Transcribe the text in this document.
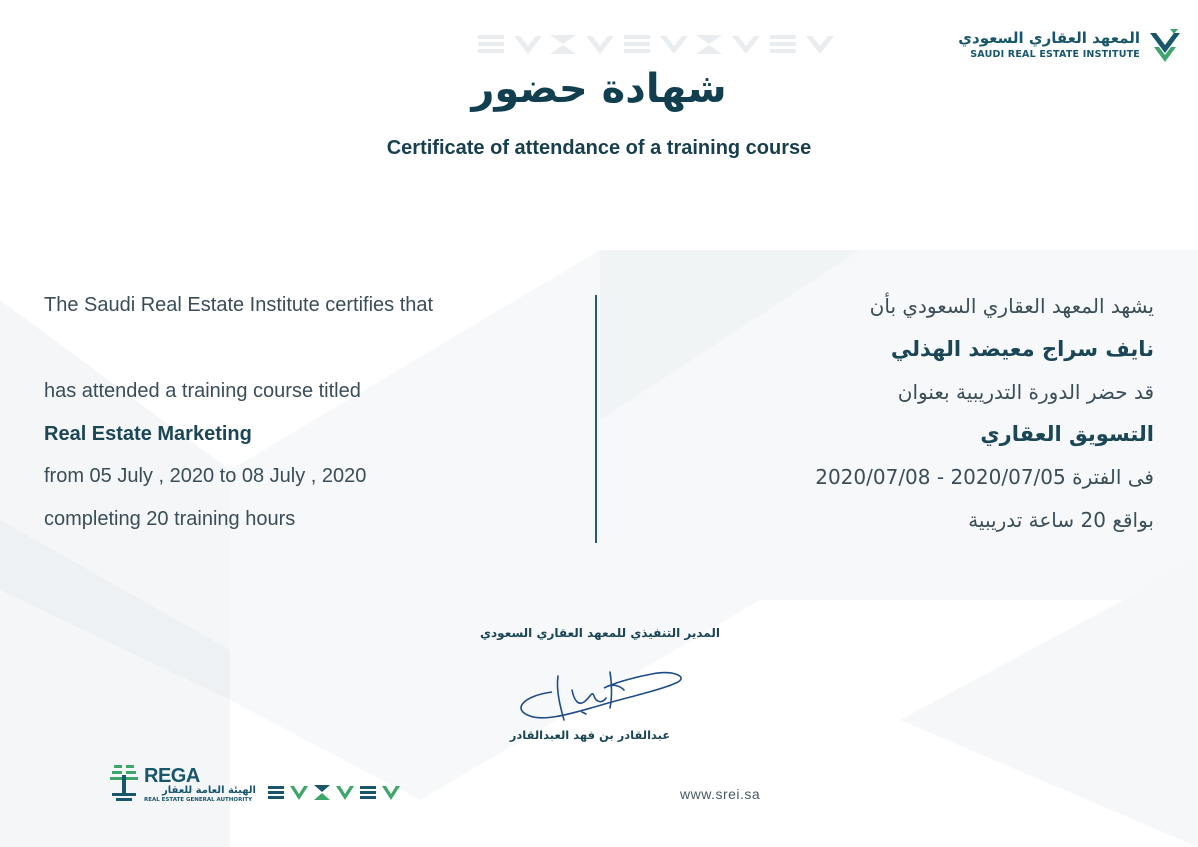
المعهد العقاري السعودي
SAUDI REAL ESTATE INSTITUTE
شهادة حضور
Certificate of attendance of a training course
The Saudi Real Estate Institute certifies that
has attended a training course titled
Real Estate Marketing
from 05 July , 2020 to 08 July , 2020
completing 20 training hours
يشهد المعهد العقاري السعودي بأن
نايف سراج معيضد الهذلي
قد حضر الدورة التدريبية بعنوان
التسويق العقاري
فى الفترة 2020/07/05 - 2020/07/08
بواقع 20 ساعة تدريبية
المدير التنفيذي للمعهد العقاري السعودي
عبدالقادر بن فهد العبدالقادر
REGA
الهيئة العامة للعقار
REAL ESTATE GENERAL AUTHORITY	www.srei.sa
